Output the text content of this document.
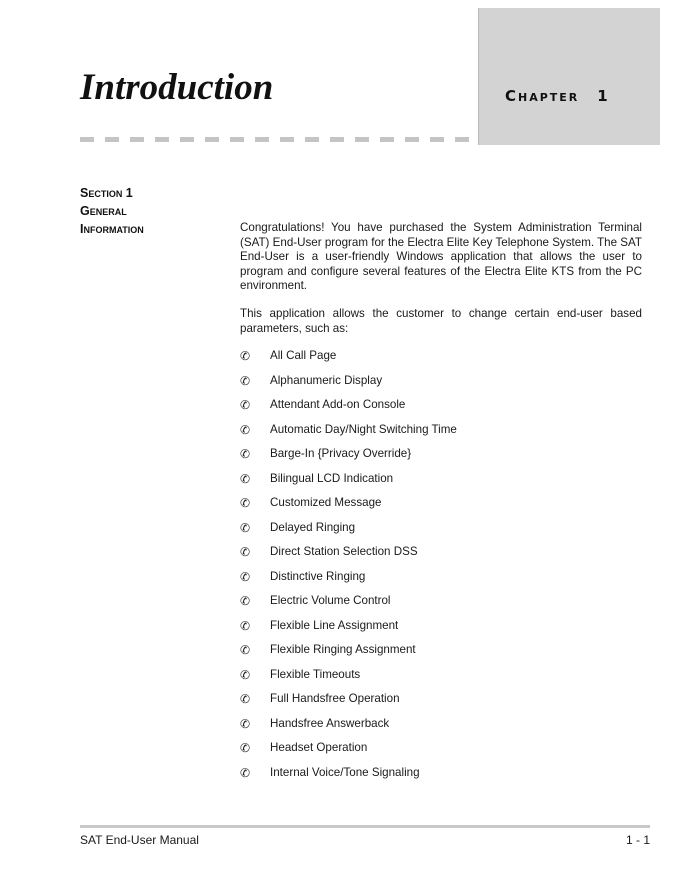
Chapter 1
Introduction
Section 1
General
Information	Congratulations! You have purchased the System Administration Terminal (SAT) End-User program for the Electra Elite Key Telephone System. The SAT End-User is a user-friendly Windows application that allows the user to program and configure several features of the Electra Elite KTS from the PC environment.

This application allows the customer to change certain end-user based parameters, such as:

✆	All Call Page
✆	Alphanumeric Display
✆	Attendant Add-on Console
✆	Automatic Day/Night Switching Time
✆	Barge-In {Privacy Override}
✆	Bilingual LCD Indication
✆	Customized Message
✆	Delayed Ringing
✆	Direct Station Selection DSS
✆	Distinctive Ringing
✆	Electric Volume Control
✆	Flexible Line Assignment
✆	Flexible Ringing Assignment
✆	Flexible Timeouts
✆	Full Handsfree Operation
✆	Handsfree Answerback
✆	Headset Operation
✆	Internal Voice/Tone Signaling
SAT End-User Manual	1 - 1
